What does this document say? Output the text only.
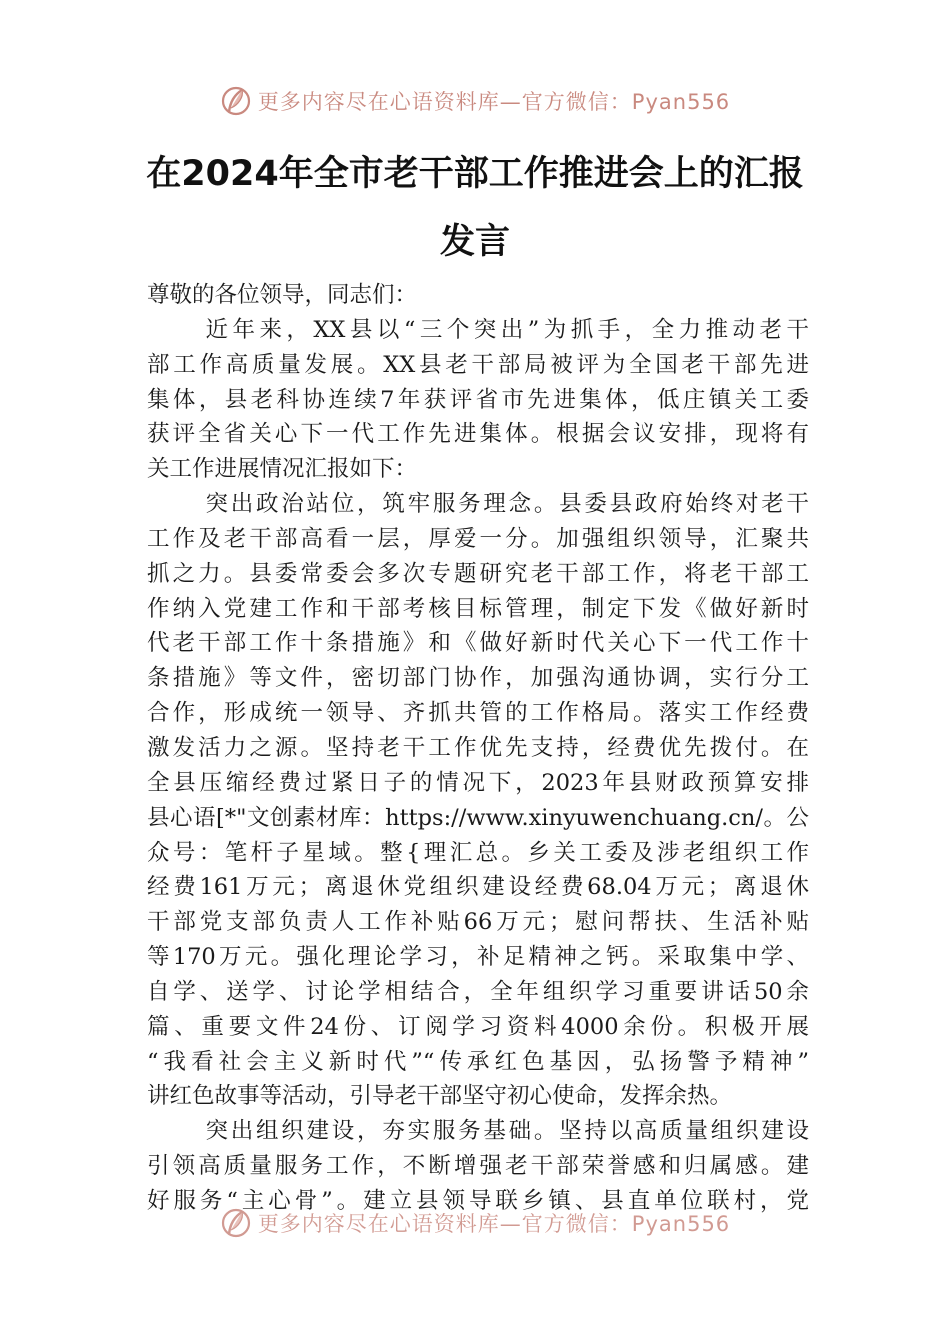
更多内容尽在心语资料库—官方微信：Pyan556
在2024年全市老干部工作推进会上的汇报
发言
尊敬的各位领导，同志们：
近年来，XX县以“三个突出”为抓手，全力推动老干
部工作高质量发展。XX县老干部局被评为全国老干部先进
集体，县老科协连续7年获评省市先进集体，低庄镇关工委
获评全省关心下一代工作先进集体。根据会议安排，现将有
关工作进展情况汇报如下：
突出政治站位，筑牢服务理念。县委县政府始终对老干
工作及老干部高看一层，厚爱一分。加强组织领导，汇聚共
抓之力。县委常委会多次专题研究老干部工作，将老干部工
作纳入党建工作和干部考核目标管理，制定下发《做好新时
代老干部工作十条措施》和《做好新时代关心下一代工作十
条措施》等文件，密切部门协作，加强沟通协调，实行分工
合作，形成统一领导、齐抓共管的工作格局。落实工作经费
激发活力之源。坚持老干工作优先支持，经费优先拨付。在
全县压缩经费过紧日子的情况下，2023年县财政预算安排
县心语[*"文创素材库：https://www.xinyuwenchuang.cn/。公
众号：笔杆子星域。整{理汇总。乡关工委及涉老组织工作
经费161万元；离退休党组织建设经费68.04万元；离退休
干部党支部负责人工作补贴66万元；慰问帮扶、生活补贴
等170万元。强化理论学习，补足精神之钙。采取集中学、
自学、送学、讨论学相结合，全年组织学习重要讲话50余
篇、重要文件24份、订阅学习资料4000余份。积极开展
“我看社会主义新时代”“传承红色基因，弘扬警予精神”
讲红色故事等活动，引导老干部坚守初心使命，发挥余热。
突出组织建设，夯实服务基础。坚持以高质量组织建设
引领高质量服务工作，不断增强老干部荣誉感和归属感。建
好服务“主心骨”。建立县领导联乡镇、县直单位联村，党
更多内容尽在心语资料库—官方微信：Pyan556
